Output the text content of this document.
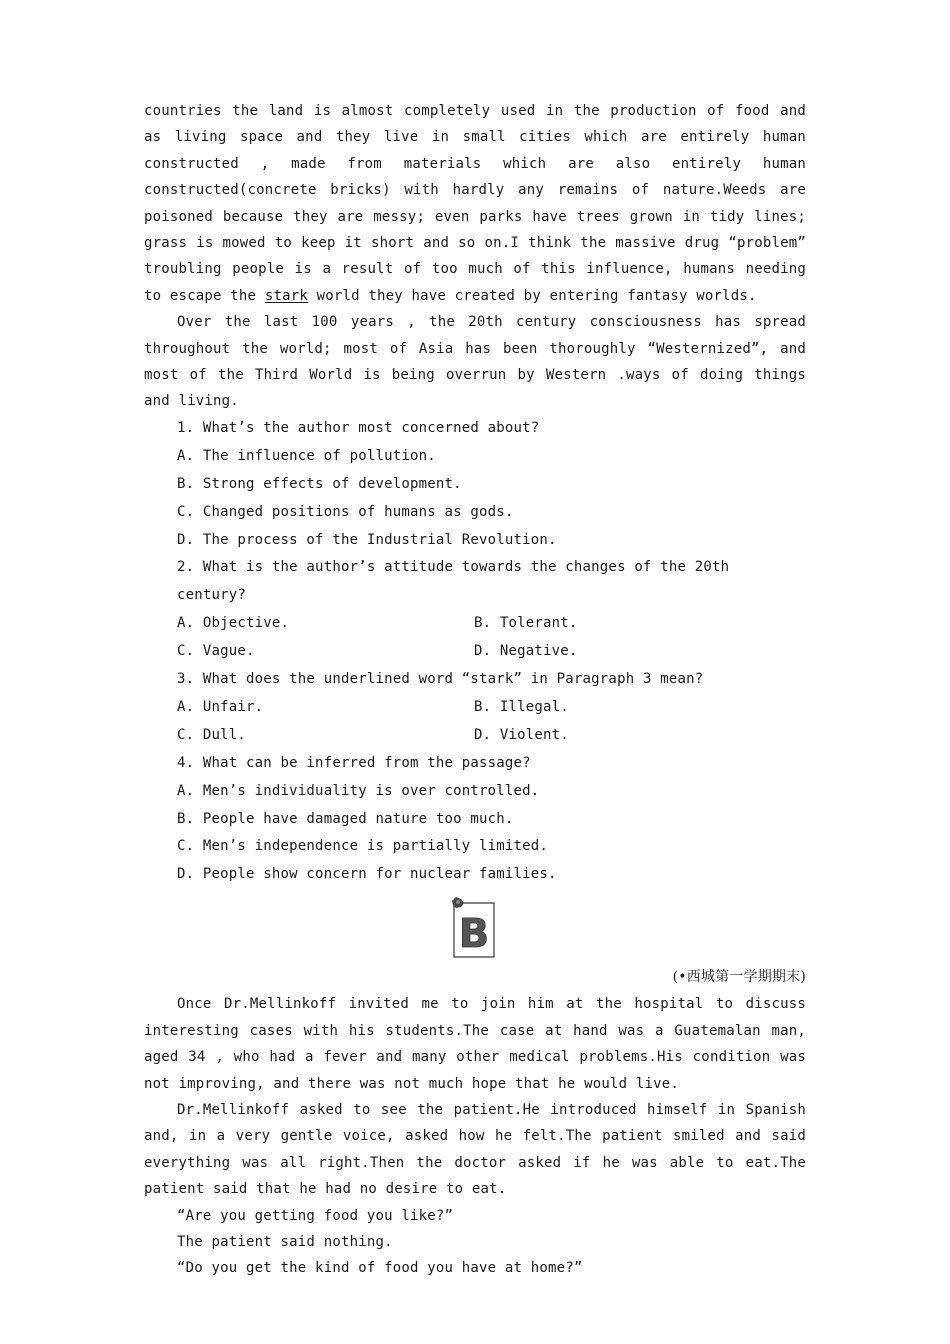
countries the land is almost completely used in the production of food and as living space and they live in small cities which are entirely human constructed , made from materials which are also entirely human constructed(concrete bricks) with hardly any remains of nature.Weeds are poisoned because they are messy; even parks have trees grown in tidy lines; grass is mowed to keep it short and so on.I think the massive drug “problem” troubling people is a result of too much of this influence, humans needing to escape the stark world they have created by entering fantasy worlds.

Over the last 100 years , the 20th century consciousness has spread throughout the world; most of Asia has been thoroughly “Westernized”, and most of the Third World is being overrun by Western .ways of doing things and living.

1. What’s the author most concerned about?

A. The influence of pollution.

B. Strong effects of development.

C. Changed positions of humans as gods.

D. The process of the Industrial Revolution.

2. What is the author’s attitude towards the changes of the 20th century?

A. Objective.	B. Tolerant.
C. Vague.	D. Negative.

3. What does the underlined word “stark” in Paragraph 3 mean?

A. Unfair.	B. Illegal.
C. Dull.	D. Violent.

4. What can be inferred from the passage?

A. Men’s individuality is over controlled.

B. People have damaged nature too much.

C. Men’s independence is partially limited.

D. People show concern for nuclear families.

B

(•西城第一学期期末)

Once Dr.Mellinkoff invited me to join him at the hospital to discuss interesting cases with his students.The case at hand was a Guatemalan man, aged 34 , who had a fever and many other medical problems.His condition was not improving, and there was not much hope that he would live.

Dr.Mellinkoff asked to see the patient.He introduced himself in Spanish and, in a very gentle voice, asked how he felt.The patient smiled and said everything was all right.Then the doctor asked if he was able to eat.The patient said that he had no desire to eat.

“Are you getting food you like?”

The patient said nothing.

“Do you get the kind of food you have at home?”
